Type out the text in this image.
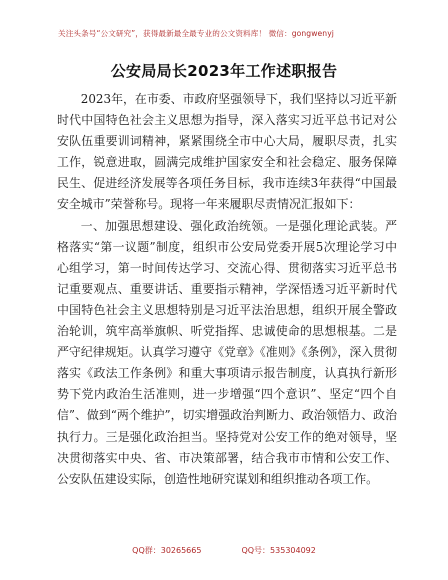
关注头条号“公文研究”，获得最新最全最专业的公文资料库！ 微信：gongwenyj
公安局局长2023年工作述职报告

2023年，在市委、市政府坚强领导下，我们坚持以习近平新时代中国特色社会主义思想为指导，深入落实习近平总书记对公安队伍重要训词精神，紧紧围绕全市中心大局，履职尽责，扎实工作，锐意进取，圆满完成维护国家安全和社会稳定、服务保障民生、促进经济发展等各项任务目标，我市连续3年获得“中国最安全城市”荣誉称号。现将一年来履职尽责情况汇报如下：

一、加强思想建设、强化政治统领。一是强化理论武装。严格落实“第一议题”制度，组织市公安局党委开展5次理论学习中心组学习，第一时间传达学习、交流心得、贯彻落实习近平总书记重要观点、重要讲话、重要指示精神，学深悟透习近平新时代中国特色社会主义思想特别是习近平法治思想，组织开展全警政治轮训，筑牢高举旗帜、听党指挥、忠诚使命的思想根基。二是严守纪律规矩。认真学习遵守《党章》《准则》《条例》，深入贯彻落实《政法工作条例》和重大事项请示报告制度，认真执行新形势下党内政治生活准则，进一步增强“四个意识”、坚定“四个自信”、做到“两个维护”，切实增强政治判断力、政治领悟力、政治执行力。三是强化政治担当。坚持党对公安工作的绝对领导，坚决贯彻落实中央、省、市决策部署，结合我市市情和公安工作、公安队伍建设实际，创造性地研究谋划和组织推动各项工作。

QQ群：30265665	QQ号：535304092
